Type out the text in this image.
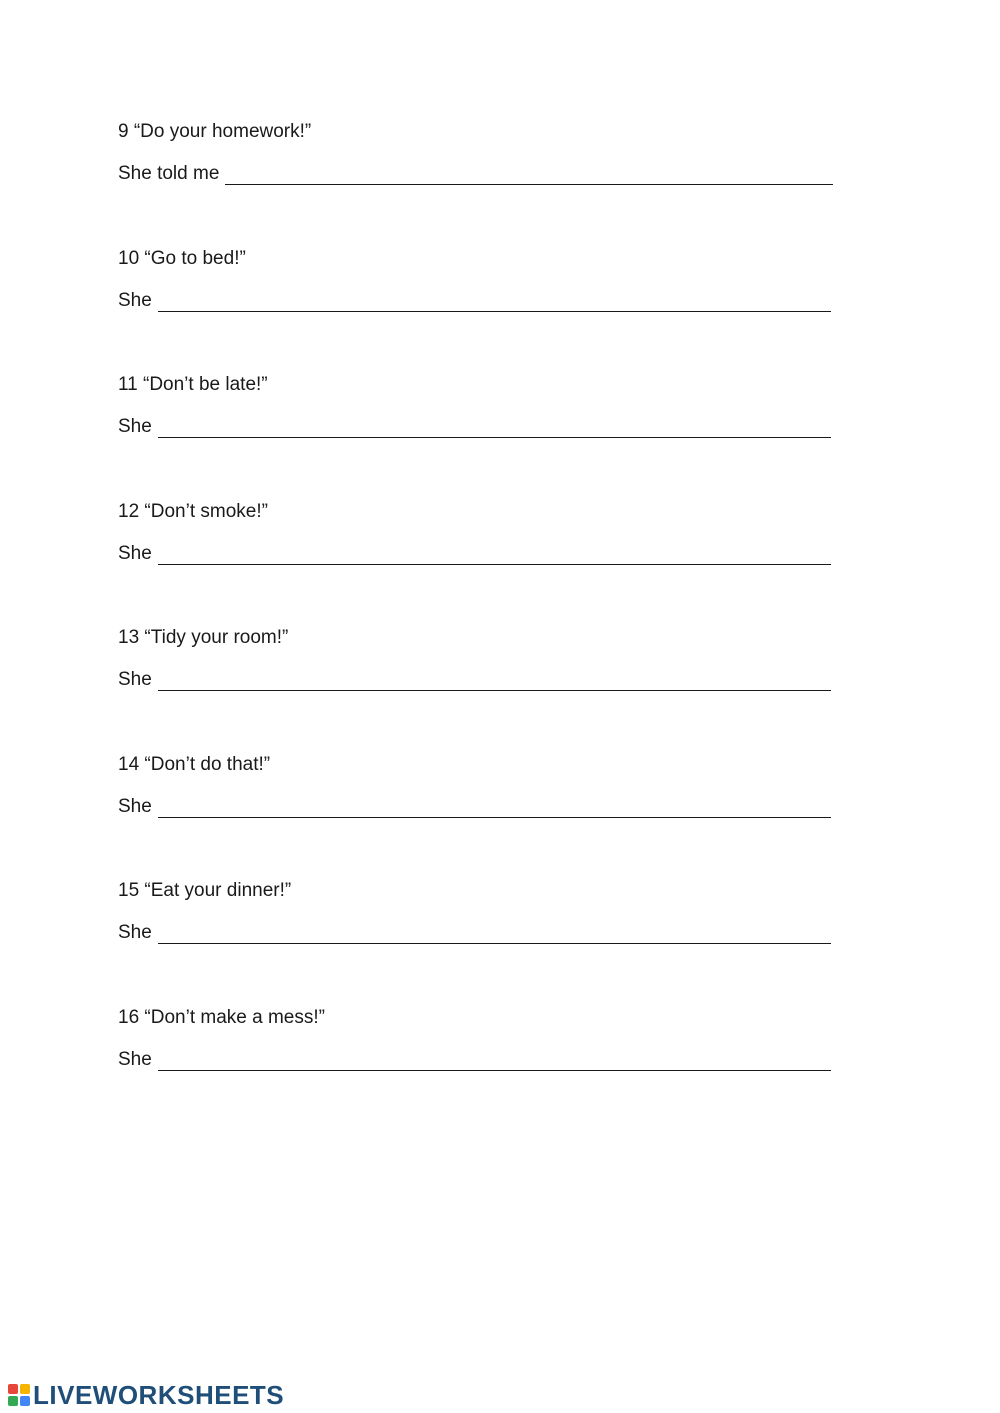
9 “Do your homework!”
She told me
10 “Go to bed!”
She
11 “Don’t be late!”
She
12 “Don’t smoke!”
She
13 “Tidy your room!”
She
14 “Don’t do that!”
She
15 “Eat your dinner!”
She
16 “Don’t make a mess!”
She
LIVEWORKSHEETS
